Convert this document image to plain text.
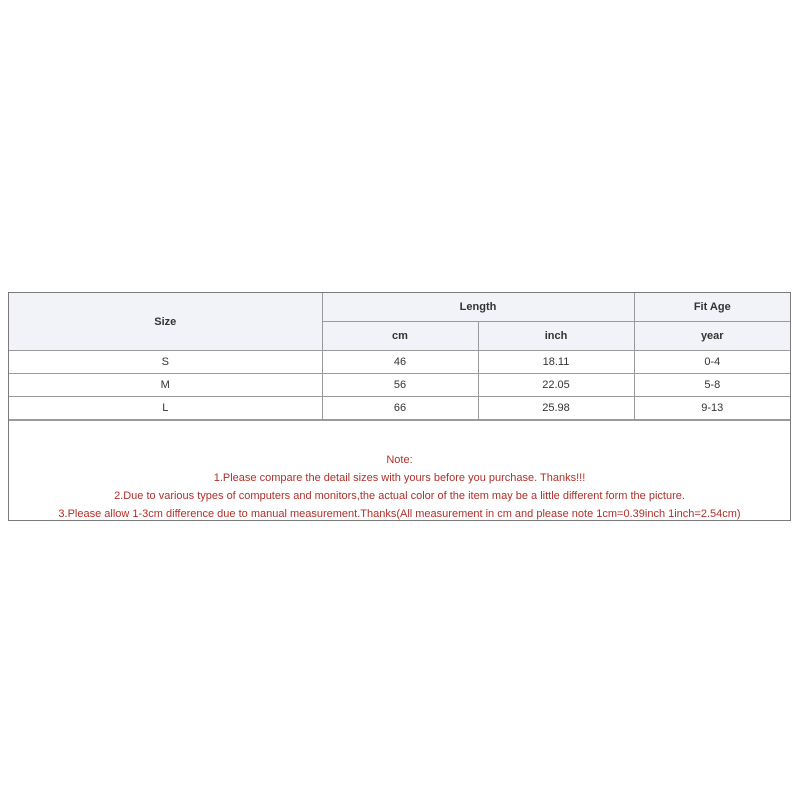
Size	Length		Fit Age
	cm	inch	year
S	46	18.11	0-4
M	56	22.05	5-8
L	66	25.98	9-13
Note:
1.Please compare the detail sizes with yours before you purchase. Thanks!!!
2.Due to various types of computers and monitors,the actual color of the item may be a little different form the picture.
3.Please allow 1-3cm difference due to manual measurement.Thanks(All measurement in cm and please note 1cm=0.39inch 1inch=2.54cm)
